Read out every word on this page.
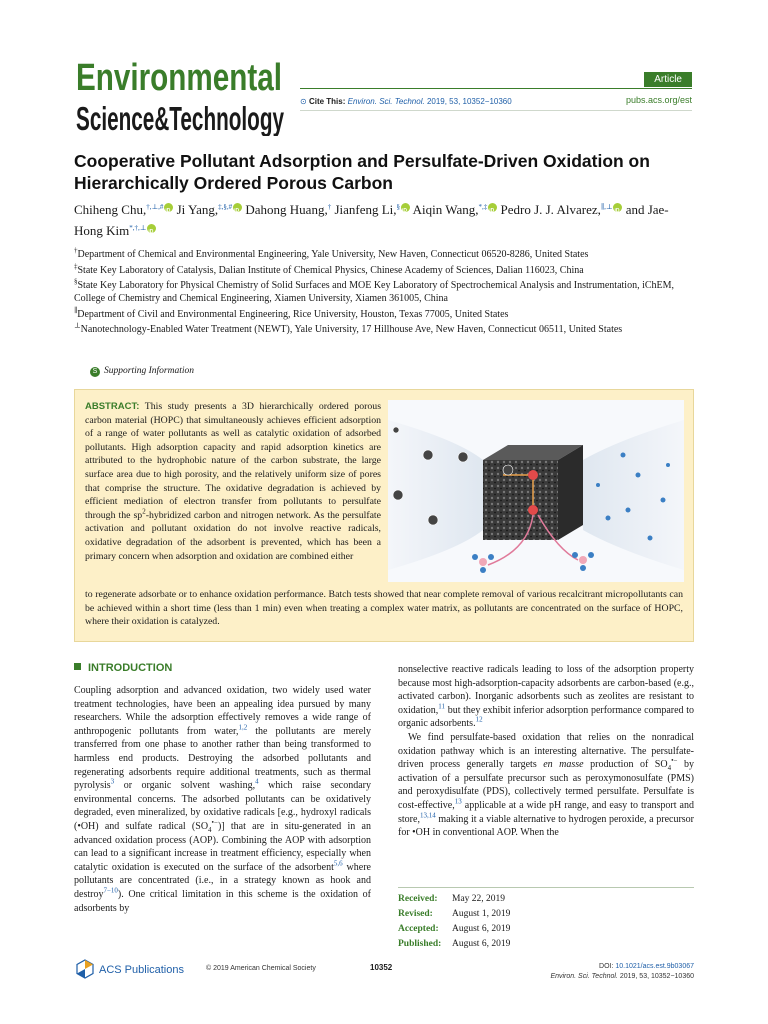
Environmental
Science&Technology
Article
⊙ Cite This: Environ. Sci. Technol. 2019, 53, 10352−10360	pubs.acs.org/est
Cooperative Pollutant Adsorption and Persulfate-Driven Oxidation on Hierarchically Ordered Porous Carbon
Chiheng Chu,†,⊥,# iD Ji Yang,‡,§,# iD Dahong Huang,† Jianfeng Li,§ iD Aiqin Wang,*,‡ iD Pedro J. J. Alvarez,∥,⊥ iD and Jae-Hong Kim*,†,⊥iD

†Department of Chemical and Environmental Engineering, Yale University, New Haven, Connecticut 06520-8286, United States

‡State Key Laboratory of Catalysis, Dalian Institute of Chemical Physics, Chinese Academy of Sciences, Dalian 116023, China

§State Key Laboratory for Physical Chemistry of Solid Surfaces and MOE Key Laboratory of Spectrochemical Analysis and Instrumentation, iChEM, College of Chemistry and Chemical Engineering, Xiamen University, Xiamen 361005, China

∥Department of Civil and Environmental Engineering, Rice University, Houston, Texas 77005, United States

⊥Nanotechnology-Enabled Water Treatment (NEWT), Yale University, 17 Hillhouse Ave, New Haven, Connecticut 06511, United States

S Supporting Information
ABSTRACT: This study presents a 3D hierarchically ordered porous carbon material (HOPC) that simultaneously achieves efficient adsorption of a range of water pollutants as well as catalytic oxidation of adsorbed pollutants. High adsorption capacity and rapid adsorption kinetics are attributed to the hydrophobic nature of the carbon substrate, the large surface area due to high porosity, and the relatively uniform size of pores that comprise the structure. The oxidative degradation is achieved by efficient mediation of electron transfer from pollutants to persulfate through the $sp^2$-hybridized carbon and nitrogen network. As the persulfate activation and pollutant oxidation do not involve reactive radicals, oxidative degradation of the adsorbent is prevented, which has been a primary concern when adsorption and oxidation are combined either
to regenerate adsorbate or to enhance oxidation performance. Batch tests showed that near complete removal of various recalcitrant micropollutants can be achieved within a short time (less than 1 min) even when treating a complex water matrix, as pollutants are concentrated on the surface of HOPC, where their oxidation is catalyzed.
INTRODUCTION

Coupling adsorption and advanced oxidation, two widely used water treatment technologies, have been an appealing idea pursued by many researchers. While the adsorption effectively removes a wide range of anthropogenic pollutants from water,$^{1,2}$ the pollutants are merely transferred from one phase to another rather than being transformed to harmless end products. Destroying the adsorbed pollutants and regenerating adsorbents require additional treatments, such as thermal pyrolysis$^3$ or organic solvent washing,$^4$ which raise secondary environmental concerns. The adsorbed pollutants can be oxidatively degraded, even mineralized, by oxidative radicals [e.g., hydroxyl radicals (•OH) and sulfate radical $(SO_4^{•-})$] that are in situ-generated in an advanced oxidation process (AOP). Combining the AOP with adsorption can lead to a significant increase in treatment efficiency, especially when catalytic oxidation is executed on the surface of the adsorbent$^{5,6}$ where pollutants are concentrated (i.e., in a strategy known as hook and destroy$^{7-10}$). One critical limitation in this scheme is the oxidation of adsorbents by

nonselective reactive radicals leading to loss of the adsorption property because most high-adsorption-capacity adsorbents are carbon-based (e.g., activated carbon). Inorganic adsorbents such as zeolites are resistant to oxidation,$^{11}$ but they exhibit inferior adsorption performance compared to organic adsorbents.$^{12}$

We find persulfate-based oxidation that relies on the nonradical oxidation pathway which is an interesting alternative. The persulfate-driven process generally targets en masse production of $SO_4^{•-}$ by activation of a persulfate precursor such as peroxymonosulfate (PMS) and peroxydisulfate (PDS), collectively termed persulfate. Persulfate is cost-effective,$^{13}$ applicable at a wide pH range, and easy to transport and store,$^{13,14}$ making it a viable alternative to hydrogen peroxide, a precursor for •OH in conventional AOP. When the

Received:	May 22, 2019
Revised:	August 1, 2019
Accepted:	August 6, 2019
Published:	August 6, 2019
ACS Publications	© 2019 American Chemical Society	10352	DOI: 10.1021/acs.est.9b03067
Environ. Sci. Technol. 2019, 53, 10352−10360
